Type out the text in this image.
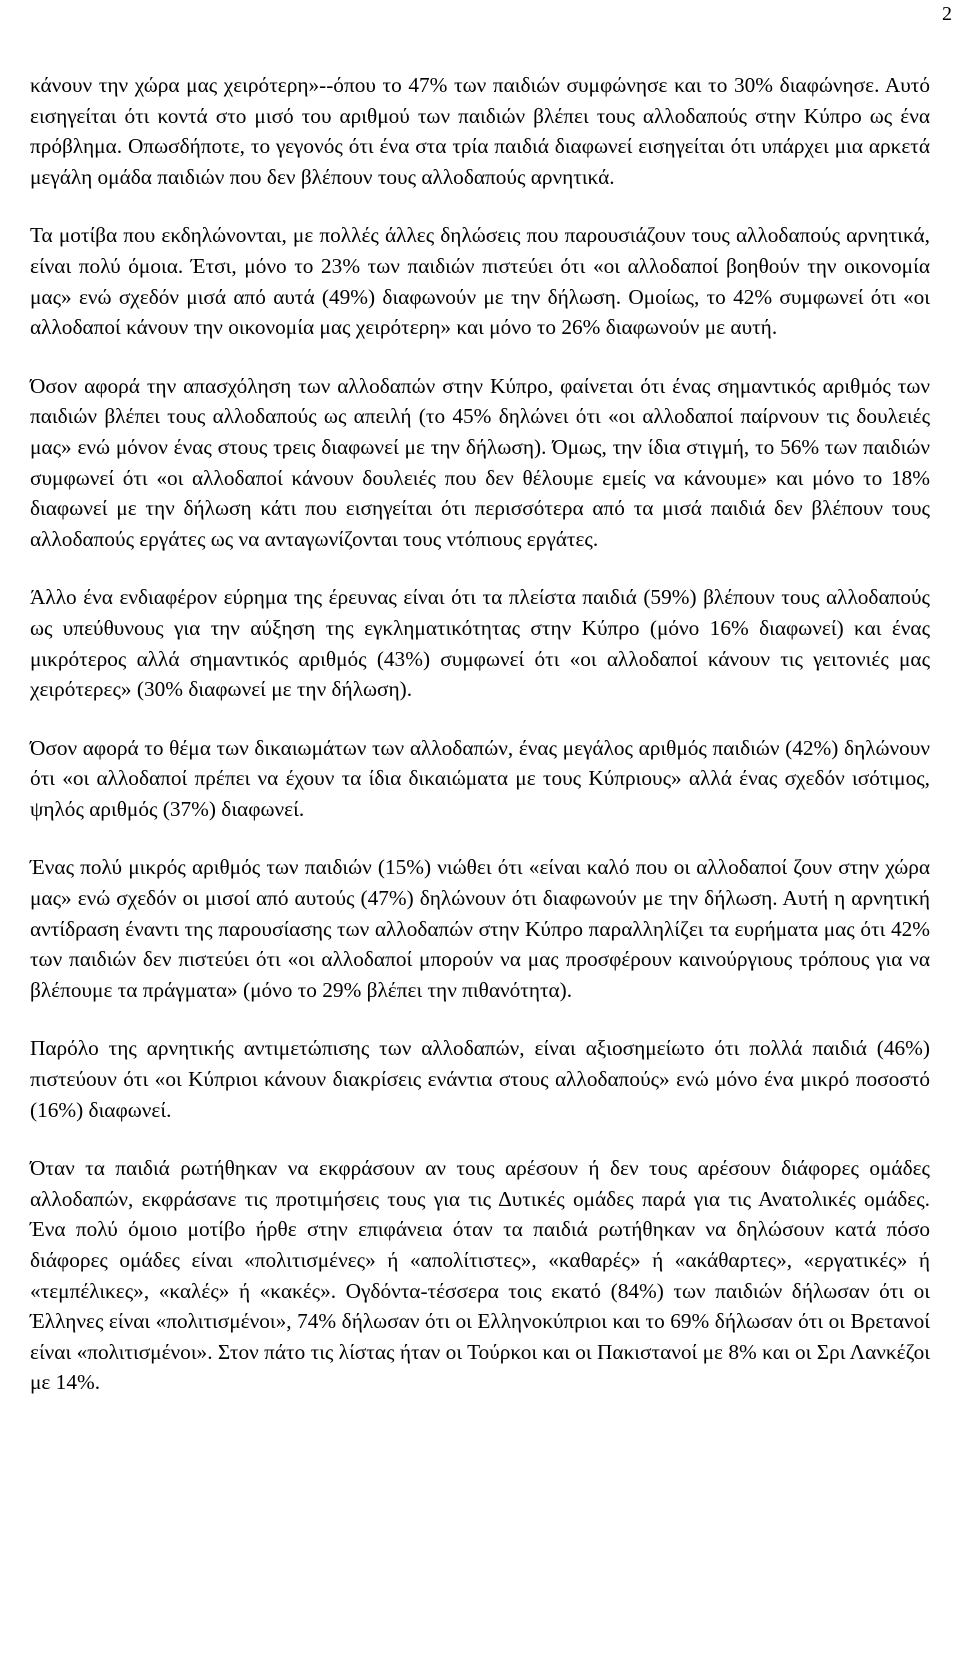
2

κάνουν την χώρα μας χειρότερη»--όπου το 47% των παιδιών συμφώνησε και το 30% διαφώνησε. Αυτό εισηγείται ότι κοντά στο μισό του αριθμού των παιδιών βλέπει τους αλλοδαπούς στην Κύπρο ως ένα πρόβλημα. Οπωσδήποτε, το γεγονός ότι ένα στα τρία παιδιά διαφωνεί εισηγείται ότι υπάρχει μια αρκετά μεγάλη ομάδα παιδιών που δεν βλέπουν τους αλλοδαπούς αρνητικά.

Τα μοτίβα που εκδηλώνονται, με πολλές άλλες δηλώσεις που παρουσιάζουν τους αλλοδαπούς αρνητικά, είναι πολύ όμοια. Έτσι, μόνο το 23% των παιδιών πιστεύει ότι «οι αλλοδαποί βοηθούν την οικονομία μας» ενώ σχεδόν μισά από αυτά (49%) διαφωνούν με την δήλωση. Ομοίως, το 42% συμφωνεί ότι «οι αλλοδαποί κάνουν την οικονομία μας χειρότερη» και μόνο το 26% διαφωνούν με αυτή.

Όσον αφορά την απασχόληση των αλλοδαπών στην Κύπρο, φαίνεται ότι ένας σημαντικός αριθμός των παιδιών βλέπει τους αλλοδαπούς ως απειλή (το 45% δηλώνει ότι «οι αλλοδαποί παίρνουν τις δουλειές μας» ενώ μόνον ένας στους τρεις διαφωνεί με την δήλωση). Όμως, την ίδια στιγμή, το 56% των παιδιών συμφωνεί ότι «οι αλλοδαποί κάνουν δουλειές που δεν θέλουμε εμείς να κάνουμε» και μόνο το 18% διαφωνεί με την δήλωση κάτι που εισηγείται ότι περισσότερα από τα μισά παιδιά δεν βλέπουν τους αλλοδαπούς εργάτες ως να ανταγωνίζονται τους ντόπιους εργάτες.

Άλλο ένα ενδιαφέρον εύρημα της έρευνας είναι ότι τα πλείστα παιδιά (59%) βλέπουν τους αλλοδαπούς ως υπεύθυνους για την αύξηση της εγκληματικότητας στην Κύπρο (μόνο 16% διαφωνεί) και ένας μικρότερος αλλά σημαντικός αριθμός (43%) συμφωνεί ότι «οι αλλοδαποί κάνουν τις γειτονιές μας χειρότερες» (30% διαφωνεί με την δήλωση).

Όσον αφορά το θέμα των δικαιωμάτων των αλλοδαπών, ένας μεγάλος αριθμός παιδιών (42%) δηλώνουν ότι «οι αλλοδαποί πρέπει να έχουν τα ίδια δικαιώματα με τους Κύπριους» αλλά ένας σχεδόν ισότιμος, ψηλός αριθμός (37%) διαφωνεί.

Ένας πολύ μικρός αριθμός των παιδιών (15%) νιώθει ότι «είναι καλό που οι αλλοδαποί ζουν στην χώρα μας» ενώ σχεδόν οι μισοί από αυτούς (47%) δηλώνουν ότι διαφωνούν με την δήλωση. Αυτή η αρνητική αντίδραση έναντι της παρουσίασης των αλλοδαπών στην Κύπρο παραλληλίζει τα ευρήματα μας ότι 42% των παιδιών δεν πιστεύει ότι «οι αλλοδαποί μπορούν να μας προσφέρουν καινούργιους τρόπους για να βλέπουμε τα πράγματα» (μόνο το 29% βλέπει την πιθανότητα).

Παρόλο της αρνητικής αντιμετώπισης των αλλοδαπών, είναι αξιοσημείωτο ότι πολλά παιδιά (46%) πιστεύουν ότι «οι Κύπριοι κάνουν διακρίσεις ενάντια στους αλλοδαπούς» ενώ μόνο ένα μικρό ποσοστό (16%) διαφωνεί.

Όταν τα παιδιά ρωτήθηκαν να εκφράσουν αν τους αρέσουν ή δεν τους αρέσουν διάφορες ομάδες αλλοδαπών, εκφράσανε τις προτιμήσεις τους για τις Δυτικές ομάδες παρά για τις Ανατολικές ομάδες. Ένα πολύ όμοιο μοτίβο ήρθε στην επιφάνεια όταν τα παιδιά ρωτήθηκαν να δηλώσουν κατά πόσο διάφορες ομάδες είναι «πολιτισμένες» ή «απολίτιστες», «καθαρές» ή «ακάθαρτες», «εργατικές» ή «τεμπέλικες», «καλές» ή «κακές». Ογδόντα-τέσσερα τοις εκατό (84%) των παιδιών δήλωσαν ότι οι Έλληνες είναι «πολιτισμένοι», 74% δήλωσαν ότι οι Ελληνοκύπριοι και το 69% δήλωσαν ότι οι Βρετανοί είναι «πολιτισμένοι». Στον πάτο τις λίστας ήταν οι Τούρκοι και οι Πακιστανοί με 8% και οι Σρι Λανκέζοι με 14%.
